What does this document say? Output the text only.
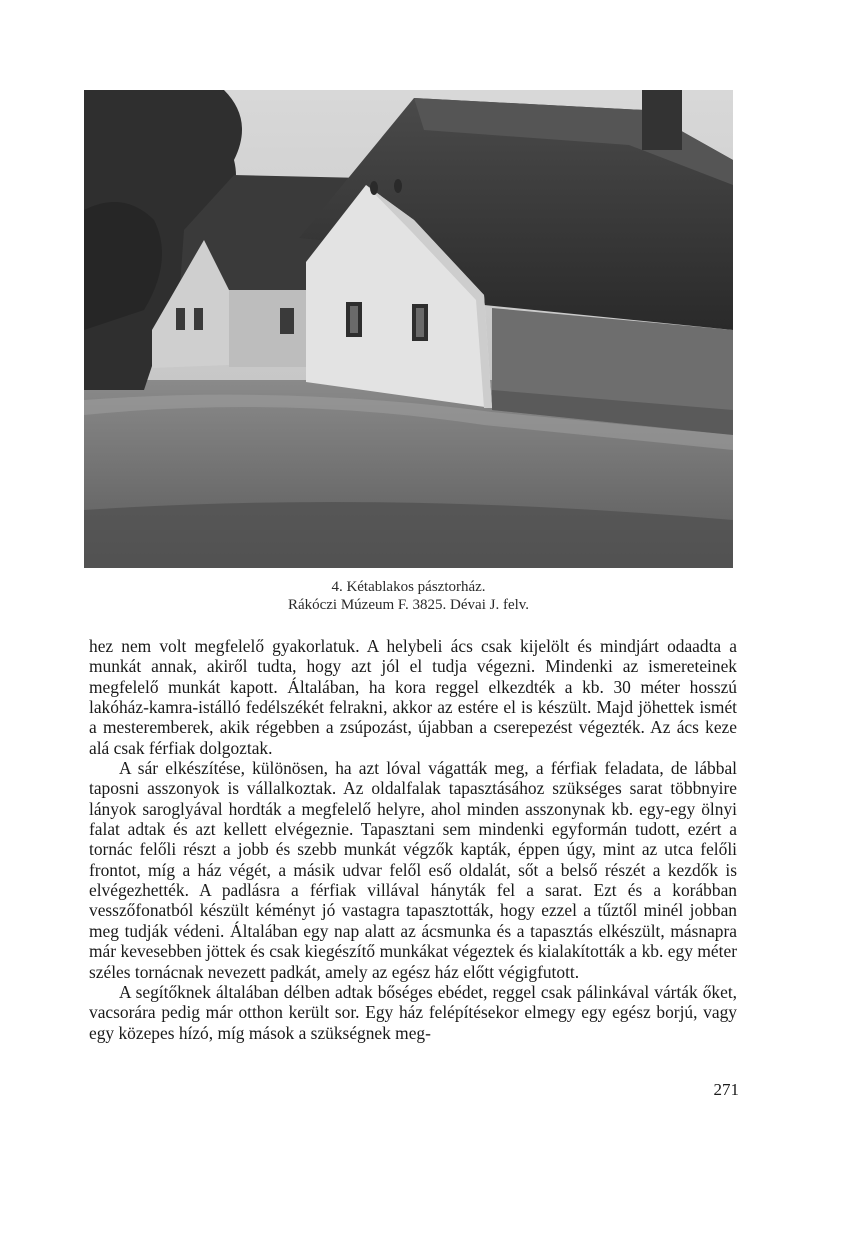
4. Kétablakos pásztorház.
Rákóczi Múzeum F. 3825. Dévai J. felv.

hez nem volt megfelelő gyakorlatuk. A helybeli ács csak kijelölt és mindjárt odaadta a munkát annak, akiről tudta, hogy azt jól el tudja végezni. Mindenki az ismereteinek megfelelő munkát kapott. Általában, ha kora reggel elkezdték a kb. 30 méter hosszú lakóház-kamra-istálló fedélszékét felrakni, akkor az estére el is készült. Majd jöhettek ismét a mesteremberek, akik régebben a zsúpozást, újabban a cserepezést végezték. Az ács keze alá csak férfiak dolgoztak.

A sár elkészítése, különösen, ha azt lóval vágatták meg, a férfiak feladata, de lábbal taposni asszonyok is vállalkoztak. Az oldalfalak tapasztásához szükséges sarat többnyire lányok saroglyával hordták a megfelelő helyre, ahol minden asszonynak kb. egy-egy ölnyi falat adtak és azt kellett elvégeznie. Tapasztani sem mindenki egyformán tudott, ezért a tornác felőli részt a jobb és szebb munkát végzők kapták, éppen úgy, mint az utca felőli frontot, míg a ház végét, a másik udvar felől eső oldalát, sőt a belső részét a kezdők is elvégezhették. A padlásra a férfiak villával hányták fel a sarat. Ezt és a korábban vesszőfonatból készült kéményt jó vastagra tapasztották, hogy ezzel a tűztől minél jobban meg tudják védeni. Általában egy nap alatt az ácsmunka és a tapasztás elkészült, másnapra már kevesebben jöttek és csak kiegészítő munkákat végeztek és kialakították a kb. egy méter széles tornácnak nevezett padkát, amely az egész ház előtt végigfutott.

A segítőknek általában délben adtak bőséges ebédet, reggel csak pálinkával várták őket, vacsorára pedig már otthon került sor. Egy ház felépítésekor elmegy egy egész borjú, vagy egy közepes hízó, míg mások a szükségnek meg-

271
